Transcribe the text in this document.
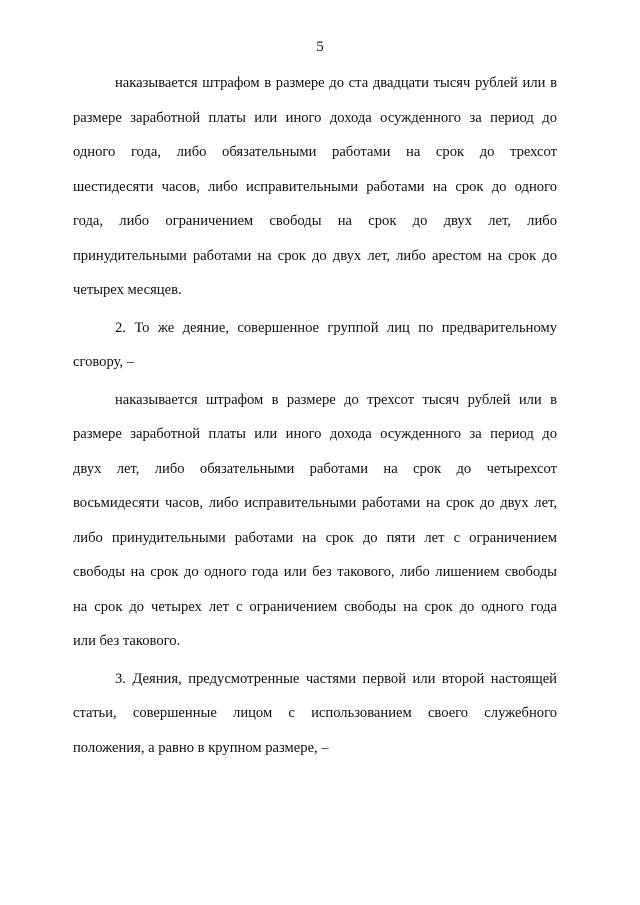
5
наказывается штрафом в размере до ста двадцати тысяч рублей или в
размере заработной платы или иного дохода осужденного за период до
одного года, либо обязательными работами на срок до трехсот
шестидесяти часов, либо исправительными работами на срок до одного
года, либо ограничением свободы на срок до двух лет, либо
принудительными работами на срок до двух лет, либо арестом на срок до
четырех месяцев.
2. То же деяние, совершенное группой лиц по предварительному
сговору, –
наказывается штрафом в размере до трехсот тысяч рублей или в
размере заработной платы или иного дохода осужденного за период до
двух лет, либо обязательными работами на срок до четырехсот
восьмидесяти часов, либо исправительными работами на срок до двух лет,
либо принудительными работами на срок до пяти лет с ограничением
свободы на срок до одного года или без такового, либо лишением свободы
на срок до четырех лет с ограничением свободы на срок до одного года
или без такового.
3. Деяния, предусмотренные частями первой или второй настоящей
статьи, совершенные лицом с использованием своего служебного
положения, а равно в крупном размере, –
